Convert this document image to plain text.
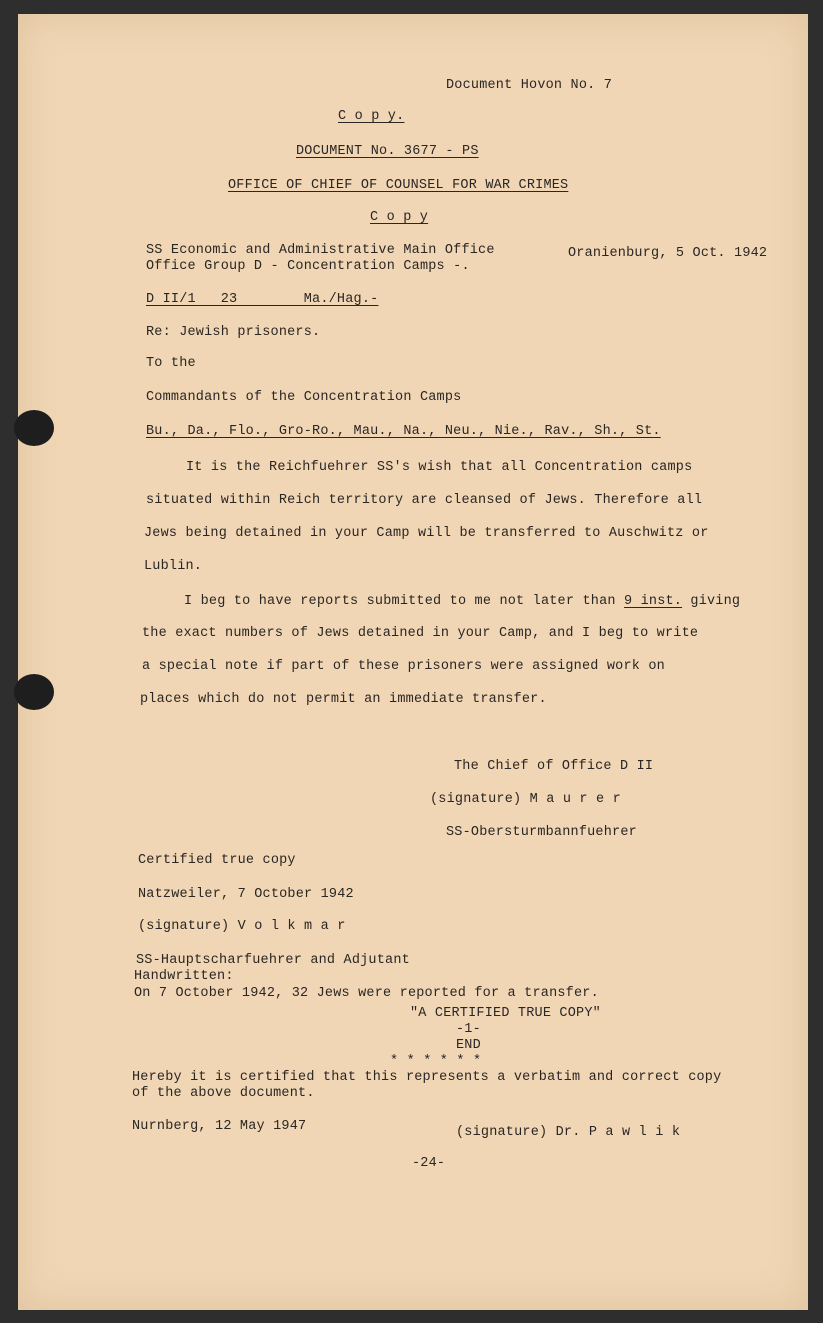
Document Hovon No. 7
C o p y.
DOCUMENT No. 3677 - PS
OFFICE OF CHIEF OF COUNSEL FOR WAR CRIMES
C o p y
SS Economic and Administrative Main Office
Office Group D - Concentration Camps -.
Oranienburg, 5 Oct. 1942
D II/1   23        Ma./Hag.-
Re: Jewish prisoners.
To the
Commandants of the Concentration Camps
Bu., Da., Flo., Gro-Ro., Mau., Na., Neu., Nie., Rav., Sh., St.
It is the Reichfuehrer SS's wish that all Concentration camps
situated within Reich territory are cleansed of Jews. Therefore all
Jews being detained in your Camp will be transferred to Auschwitz or
Lublin.
I beg to have reports submitted to me not later than 9 inst. giving
the exact numbers of Jews detained in your Camp, and I beg to write
a special note if part of these prisoners were assigned work on
places which do not permit an immediate transfer.
The Chief of Office D II
(signature) M a u r e r
SS-Obersturmbannfuehrer
Certified true copy
Natzweiler, 7 October 1942
(signature) V o l k m a r
SS-Hauptscharfuehrer and Adjutant
Handwritten:
On 7 October 1942, 32 Jews were reported for a transfer.
"A CERTIFIED TRUE COPY"
-1-
END
* * * * * *
Hereby it is certified that this represents a verbatim and correct copy
of the above document.
Nurnberg, 12 May 1947	(signature) Dr. P a w l i k
-24-
